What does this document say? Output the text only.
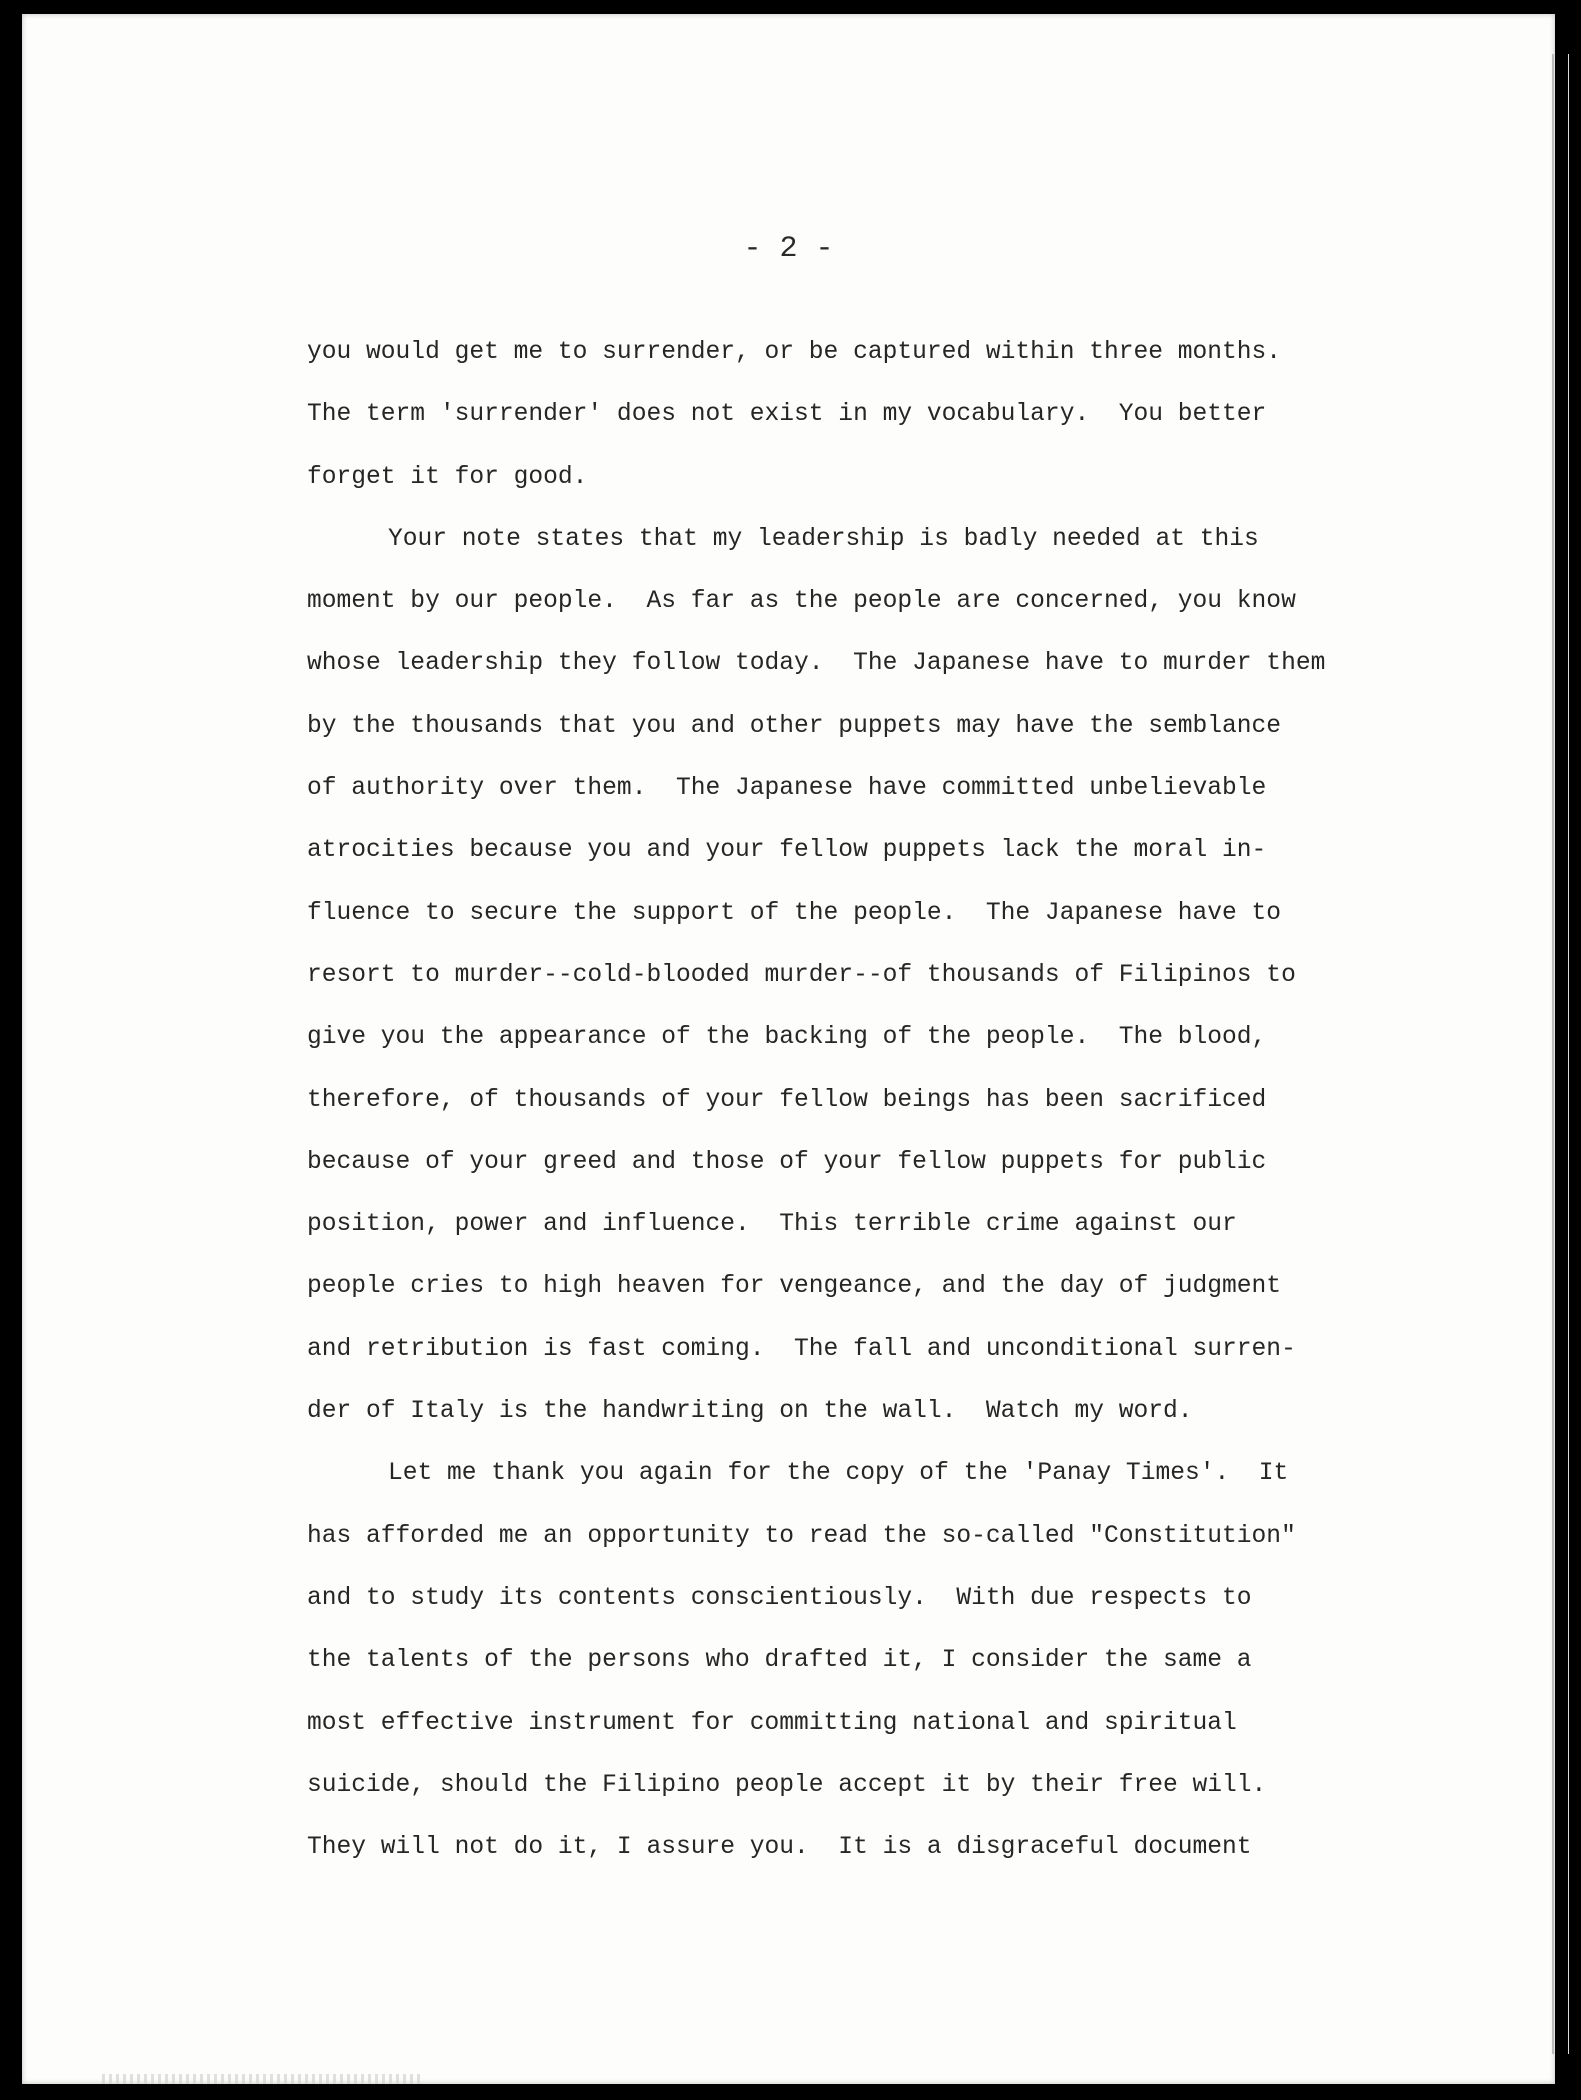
- 2 -

you would get me to surrender, or be captured within three months.
The term 'surrender' does not exist in my vocabulary.  You better
forget it for good.
Your note states that my leadership is badly needed at this
moment by our people.  As far as the people are concerned, you know
whose leadership they follow today.  The Japanese have to murder them
by the thousands that you and other puppets may have the semblance
of authority over them.  The Japanese have committed unbelievable
atrocities because you and your fellow puppets lack the moral in-
fluence to secure the support of the people.  The Japanese have to
resort to murder--cold-blooded murder--of thousands of Filipinos to
give you the appearance of the backing of the people.  The blood,
therefore, of thousands of your fellow beings has been sacrificed
because of your greed and those of your fellow puppets for public
position, power and influence.  This terrible crime against our
people cries to high heaven for vengeance, and the day of judgment
and retribution is fast coming.  The fall and unconditional surren-
der of Italy is the handwriting on the wall.  Watch my word.
Let me thank you again for the copy of the 'Panay Times'.  It
has afforded me an opportunity to read the so-called "Constitution"
and to study its contents conscientiously.  With due respects to
the talents of the persons who drafted it, I consider the same a
most effective instrument for committing national and spiritual
suicide, should the Filipino people accept it by their free will.
They will not do it, I assure you.  It is a disgraceful document
